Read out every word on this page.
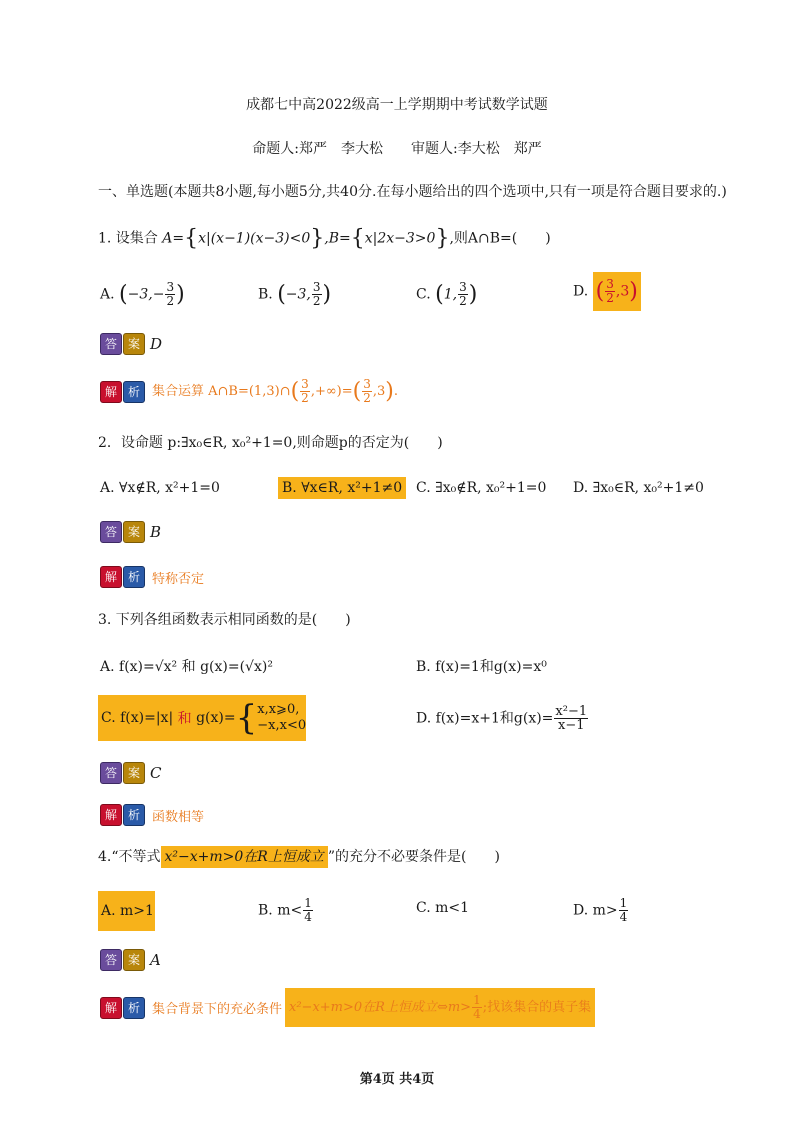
成都七中高2022级高一上学期期中考试数学试题
命题人:郑严　李大松　　审题人:李大松　郑严
一、单选题(本题共8小题,每小题5分,共40分.在每小题给出的四个选项中,只有一项是符合题目要求的.)
1. 设集合 A={x|(x−1)(x−3)<0},B={x|2x−3>0},则A∩B=(　　)
A. ($-3,- \frac{3}{2}$ )	B. (−3, $\frac{3}{2}$ )	C. (1, $\frac{3}{2}$ )	D. ( $\frac{3}{2} ,3$)
答 案 D
解 析 集合运算 A∩B=(1,3)∩( $\frac{3}{2}$ ,+∞)=( $\frac{3}{2} ,3$).
2．设命题 p:∃x₀∈R, x₀²+1=0,则命题p的否定为(　　)
A. ∀x∉R, x²+1=0	B. ∀x∈R, x²+1≠0 C. ∃x₀∉R, x₀²+1=0 D. ∃x₀∈R, x₀²+1≠0
答 案 B
解 析 特称否定
3. 下列各组函数表示相同函数的是(　　)
A. f(x)=√x² 和 g(x)=(√x)²	B. f(x)=1和g(x)=x⁰
C. f(x)=|x|
和
g(x)= { x,x⩾0,
−x,x<0	D. f(x)=x+1和$g(x)= \frac{\text{x²−1}}{x-1}$
答 案 C
解 析 函数相等
4.“不等式 x²−x+m>0在R上恒成立 ”的充分不必要条件是(　　)
A. m>1	B. $m< \frac{1}{4}$	C. m<1	D. $m> \frac{1}{4}$
答 案 A
解 析 集合背景下的充必条件 x²−x+m>0在R上恒成立⇔m> $\frac{1}{4}$ ;找该集合的真子集
第4页 共4页
